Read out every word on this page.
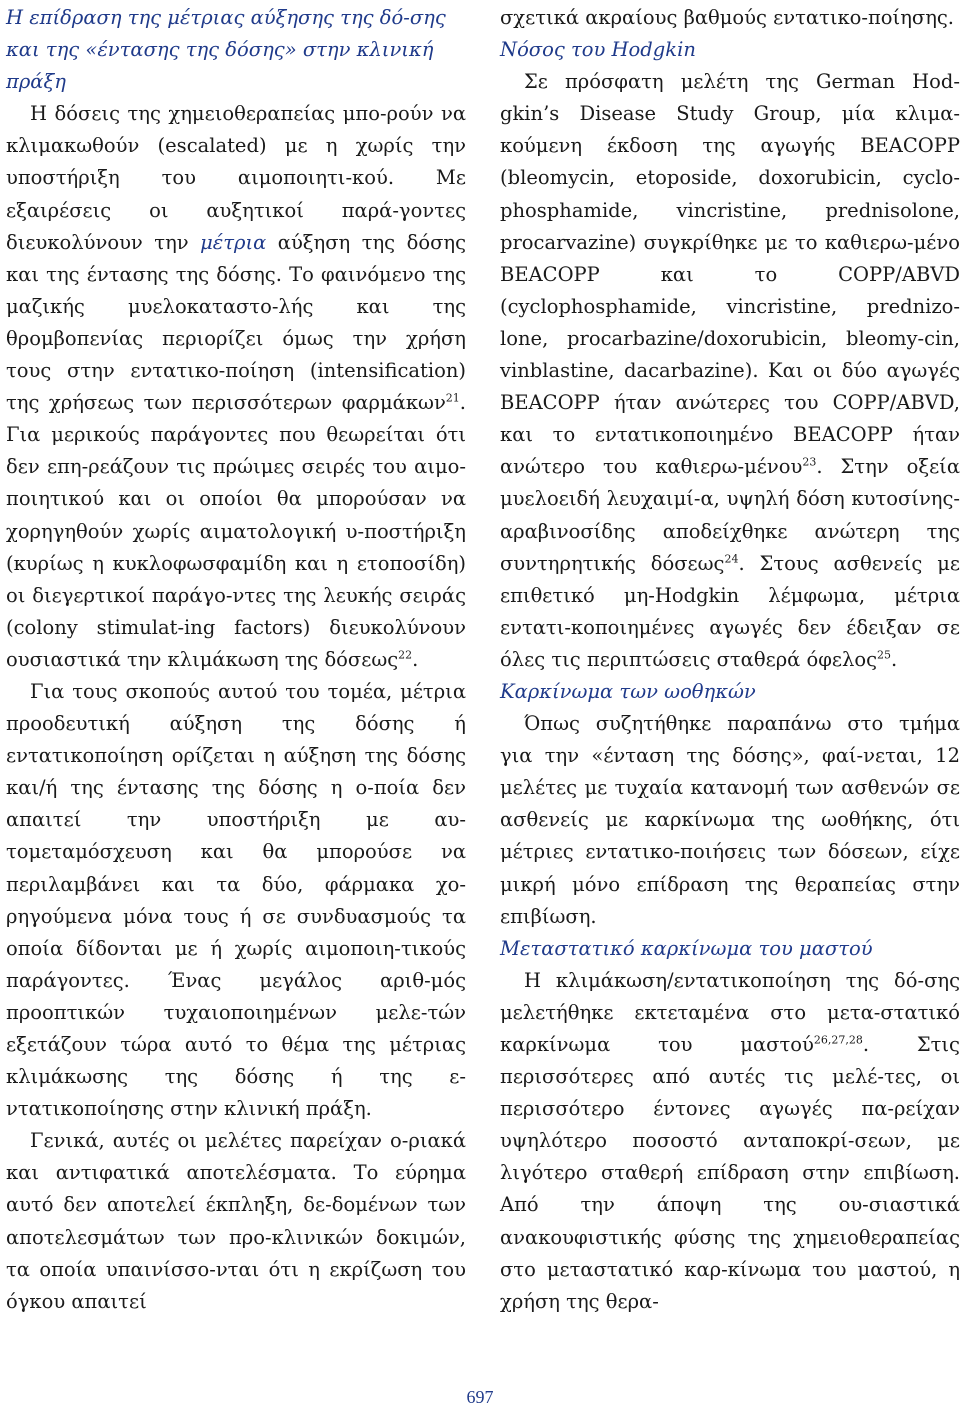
Η επίδραση της μέτριας αύξησης της δό-σης και της «έντασης της δόσης» στην κλινική πράξη

Η δόσεις της χημειοθεραπείας μπο-ρούν να κλιμακωθούν (escalated) με η χωρίς την υποστήριξη του αιμοποιητι-κού. Με εξαιρέσεις οι αυξητικοί παρά-γοντες διευκολύνουν την μέτρια αύξηση της δόσης και της έντασης της δόσης. Το φαινόμενο της μαζικής μυελοκαταστο-λής και της θρομβοπενίας περιορίζει όμως την χρήση τους στην εντατικο-ποίηση (intensification) της χρήσεως των περισσότερων φαρμάκων$^{21}$. Για μερικούς παράγοντες που θεωρείται ότι δεν επη-ρεάζουν τις πρώιμες σειρές του αιμο-ποιητικού και οι οποίοι θα μπορούσαν να χορηγηθούν χωρίς αιματολογική υ-ποστήριξη (κυρίως η κυκλοφωσφαμίδη και η ετοποσίδη) οι διεγερτικοί παράγο-ντες της λευκής σειράς (colony stimulat-ing factors) διευκολύνουν ουσιαστικά την κλιμάκωση της δόσεως$^{22}$.

Για τους σκοπούς αυτού του τομέα, μέτρια προοδευτική αύξηση της δόσης ή εντατικοποίηση ορίζεται η αύξηση της δόσης και/ή της έντασης της δόσης η ο-ποία δεν απαιτεί την υποστήριξη με αυ-τομεταμόσχευση και θα μπορούσε να περιλαμβάνει και τα δύο, φάρμακα χο-ρηγούμενα μόνα τους ή σε συνδυασμούς τα οποία δίδονται με ή χωρίς αιμοποιη-τικούς παράγοντες. Ένας μεγάλος αριθ-μός προοπτικών τυχαιοποιημένων μελε-τών εξετάζουν τώρα αυτό το θέμα της μέτριας κλιμάκωσης της δόσης ή της ε-ντατικοποίησης στην κλινική πράξη.

Γενικά, αυτές οι μελέτες παρείχαν ο-ριακά και αντιφατικά αποτελέσματα. Το εύρημα αυτό δεν αποτελεί έκπληξη, δε-δομένων των αποτελεσμάτων των προ-κλινικών δοκιμών, τα οποία υπαινίσσο-νται ότι η εκρίζωση του όγκου απαιτεί

σχετικά ακραίους βαθμούς εντατικο-ποίησης.

Νόσος του Hodgkin

Σε πρόσφατη μελέτη της German Hod-gkin’s Disease Study Group, μία κλιμα-κούμενη έκδοση της αγωγής BEACOPP (bleomycin, etoposide, doxorubicin, cyclo-phosphamide, vincristine, prednisolone, procarvazine) συγκρίθηκε με το καθιερω-μένο BEACOPP και το COPP/ABVD (cyclophosphamide, vincristine, prednizo-lone, procarbazine/doxorubicin, bleomy-cin, vinblastine, dacarbazine). Και οι δύο αγωγές BEACOPP ήταν ανώτερες του COPP/ABVD, και το εντατικοποιημένο BEACOPP ήταν ανώτερο του καθιερω-μένου$^{23}$. Στην οξεία μυελοειδή λευχαιμί-α, υψηλή δόση κυτοσίνης-αραβινοσίδης αποδείχθηκε ανώτερη της συντηρητικής δόσεως$^{24}$. Στους ασθενείς με επιθετικό μη-Hodgkin λέμφωμα, μέτρια εντατι-κοποιημένες αγωγές δεν έδειξαν σε όλες τις περιπτώσεις σταθερά όφελος$^{25}$.

Καρκίνωμα των ωοθηκών

Όπως συζητήθηκε παραπάνω στο τμήμα για την «ένταση της δόσης», φαί-νεται, 12 μελέτες με τυχαία κατανομή των ασθενών σε ασθενείς με καρκίνωμα της ωοθήκης, ότι μέτριες εντατικο-ποιήσεις των δόσεων, είχε μικρή μόνο επίδραση της θεραπείας στην επιβίωση.

Μεταστατικό καρκίνωμα του μαστού

Η κλιμάκωση/εντατικοποίηση της δό-σης μελετήθηκε εκτεταμένα στο μετα-στατικό καρκίνωμα του μαστού$^{26,27,28}$. Στις περισσότερες από αυτές τις μελέ-τες, οι περισσότερο έντονες αγωγές πα-ρείχαν υψηλότερο ποσοστό ανταποκρί-σεων, με λιγότερο σταθερή επίδραση στην επιβίωση. Από την άποψη της ου-σιαστικά ανακουφιστικής φύσης της χημειοθεραπείας στο μεταστατικό καρ-κίνωμα του μαστού, η χρήση της θερα-

697
